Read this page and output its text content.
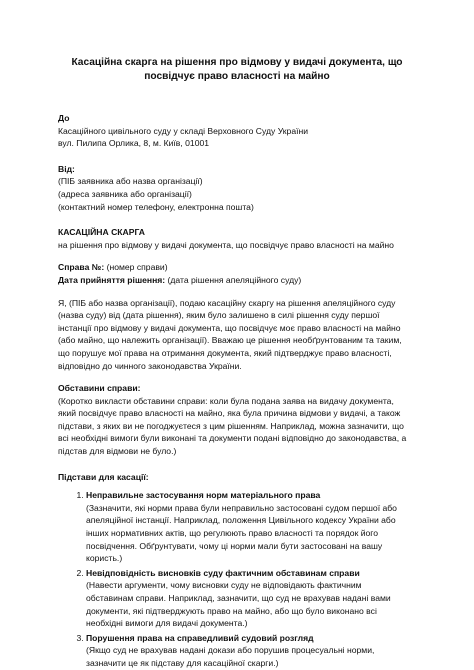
Касаційна скарга на рішення про відмову у видачі документа, що посвідчує право власності на майно

До

Касаційного цивільного суду у складі Верховного Суду України

вул. Пилипа Орлика, 8, м. Київ, 01001

Від:

(ПІБ заявника або назва організації)

(адреса заявника або організації)

(контактний номер телефону, електронна пошта)

КАСАЦІЙНА СКАРГА

на рішення про відмову у видачі документа, що посвідчує право власності на майно

Справа №: (номер справи)

Дата прийняття рішення: (дата рішення апеляційного суду)

Я, (ПІБ або назва організації), подаю касаційну скаргу на рішення апеляційного суду

(назва суду) від (дата рішення), яким було залишено в силі рішення суду першої

інстанції про відмову у видачі документа, що посвідчує моє право власності на майно

(або майно, що належить організації). Вважаю це рішення необґрунтованим та таким,

що порушує мої права на отримання документа, який підтверджує право власності,

відповідно до чинного законодавства України.

Обставини справи:

(Коротко викласти обставини справи: коли була подана заява на видачу документа,

який посвідчує право власності на майно, яка була причина відмови у видачі, а також

підстави, з яких ви не погоджуєтеся з цим рішенням. Наприклад, можна зазначити, що

всі необхідні вимоги були виконані та документи подані відповідно до законодавства, а

підстав для відмови не було.)

Підстави для касації:

1. Неправильне застосування норм матеріального права
(Зазначити, які норми права були неправильно застосовані судом першої або
апеляційної інстанції. Наприклад, положення Цивільного кодексу України або
інших нормативних актів, що регулюють право власності та порядок його
посвідчення. Обґрунтувати, чому ці норми мали бути застосовані на вашу
користь.)
2. Невідповідність висновків суду фактичним обставинам справи
(Навести аргументи, чому висновки суду не відповідають фактичним
обставинам справи. Наприклад, зазначити, що суд не врахував надані вами
документи, які підтверджують право на майно, або що було виконано всі
необхідні вимоги для видачі документа.)
3. Порушення права на справедливий судовий розгляд
(Якщо суд не врахував надані докази або порушив процесуальні норми,
зазначити це як підставу для касаційної скарги.)
